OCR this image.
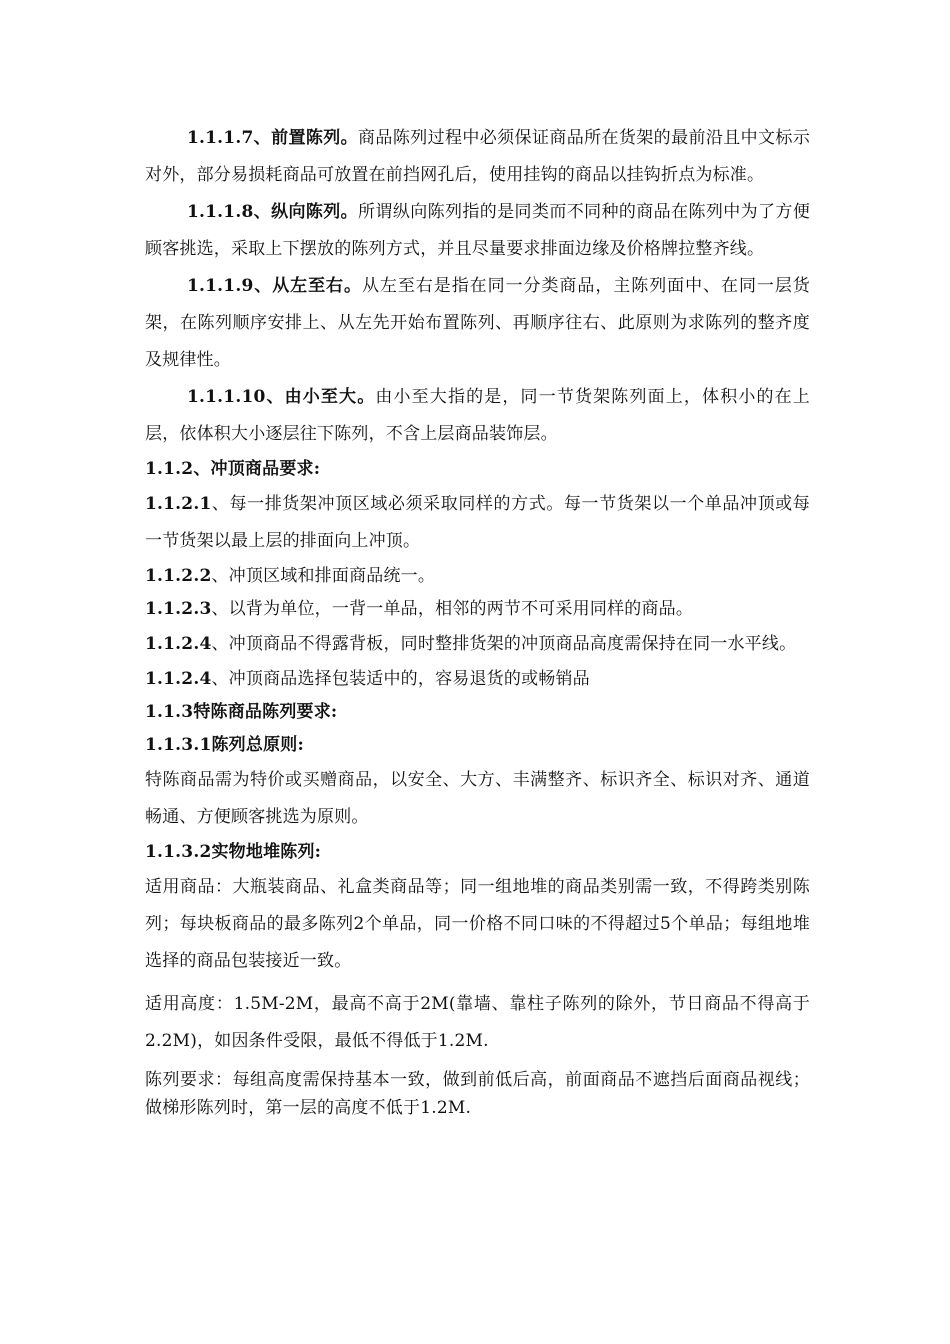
1.1.1.7、前置陈列。商品陈列过程中必须保证商品所在货架的最前沿且中文标示对外，部分易损耗商品可放置在前挡网孔后，使用挂钩的商品以挂钩折点为标准。

1.1.1.8、纵向陈列。所谓纵向陈列指的是同类而不同种的商品在陈列中为了方便顾客挑选，采取上下摆放的陈列方式，并且尽量要求排面边缘及价格牌拉整齐线。

1.1.1.9、从左至右。从左至右是指在同一分类商品，主陈列面中、在同一层货架，在陈列顺序安排上、从左先开始布置陈列、再顺序往右、此原则为求陈列的整齐度及规律性。

1.1.1.10、由小至大。由小至大指的是，同一节货架陈列面上，体积小的在上层，依体积大小逐层往下陈列，不含上层商品装饰层。

1.1.2、冲顶商品要求:

1.1.2.1、每一排货架冲顶区域必须采取同样的方式。每一节货架以一个单品冲顶或每一节货架以最上层的排面向上冲顶。

1.1.2.2、冲顶区域和排面商品统一。

1.1.2.3、以背为单位，一背一单品，相邻的两节不可采用同样的商品。

1.1.2.4、冲顶商品不得露背板，同时整排货架的冲顶商品高度需保持在同一水平线。

1.1.2.4、冲顶商品选择包装适中的，容易退货的或畅销品

1.1.3特陈商品陈列要求:

1.1.3.1陈列总原则:

特陈商品需为特价或买赠商品，以安全、大方、丰满整齐、标识齐全、标识对齐、通道畅通、方便顾客挑选为原则。

1.1.3.2实物地堆陈列:

适用商品：大瓶装商品、礼盒类商品等；同一组地堆的商品类别需一致，不得跨类别陈列；每块板商品的最多陈列2个单品，同一价格不同口味的不得超过5个单品；每组地堆选择的商品包装接近一致。

适用高度：1.5M-2M，最高不高于2M(靠墙、靠柱子陈列的除外，节日商品不得高于2.2M)，如因条件受限，最低不得低于1.2M.

陈列要求：每组高度需保持基本一致，做到前低后高，前面商品不遮挡后面商品视线； 做梯形陈列时，第一层的高度不低于1.2M.
